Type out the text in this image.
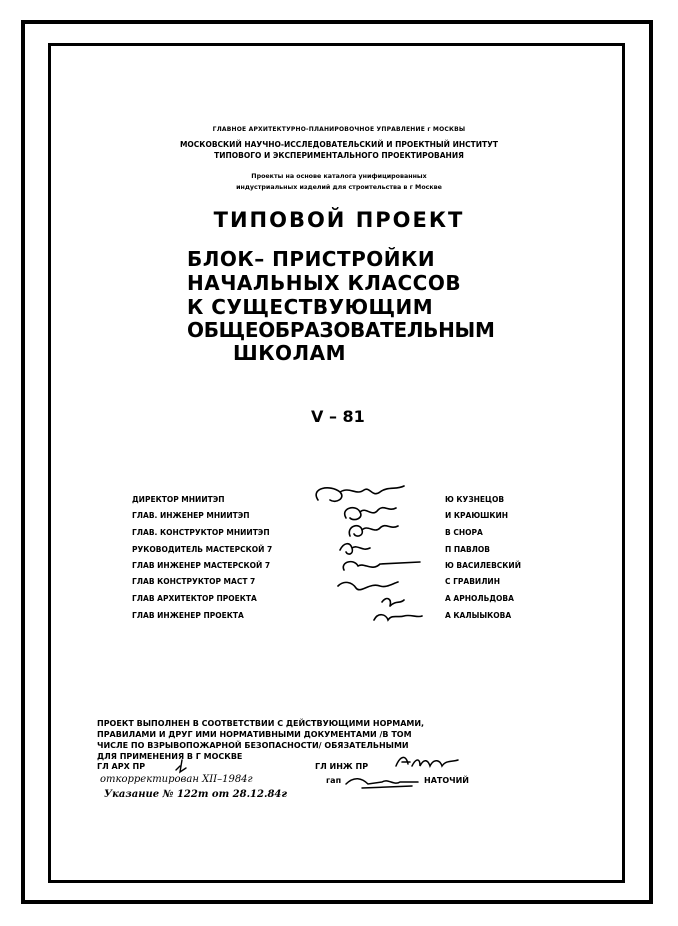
ГЛАВНОЕ АРХИТЕКТУРНО-ПЛАНИРОВОЧНОЕ УПРАВЛЕНИЕ г МОСКВЫ
МОСКОВСКИЙ НАУЧНО-ИССЛЕДОВАТЕЛЬСКИЙ И ПРОЕКТНЫЙ ИНСТИТУТ
ТИПОВОГО И ЭКСПЕРИМЕНТАЛЬНОГО ПРОЕКТИРОВАНИЯ
Проекты на основе каталога унифицированных
индустриальных изделий для строительства в г Москве
ТИПОВОЙ ПРОЕКТ
БЛОК– ПРИСТРОЙКИ
НАЧАЛЬНЫХ КЛАССОВ
К СУЩЕСТВУЮЩИМ
ОБЩЕОБРАЗОВАТЕЛЬНЫМ
ШКОЛАМ
V – 81
ДИРЕКТОР МНИИТЭП	Ю КУЗНЕЦОВ
ГЛАВ. ИНЖЕНЕР МНИИТЭП	И КРАЮШКИН
ГЛАВ. КОНСТРУКТОР МНИИТЭП	В СНОРА
РУКОВОДИТЕЛЬ МАСТЕРСКОЙ 7	П ПАВЛОВ
ГЛАВ ИНЖЕНЕР МАСТЕРСКОЙ 7	Ю ВАСИЛЕВСКИЙ
ГЛАВ КОНСТРУКТОР МАСТ 7	С ГРАВИЛИН
ГЛАВ АРХИТЕКТОР ПРОЕКТА	А АРНОЛЬДОВА
ГЛАВ ИНЖЕНЕР ПРОЕКТА	А КАЛЫЫКОВА
ПРОЕКТ ВЫПОЛНЕН В СООТВЕТСТВИИ С ДЕЙСТВУЮЩИМИ НОРМАМИ,
ПРАВИЛАМИ И ДРУГ ИМИ НОРМАТИВНЫМИ ДОКУМЕНТАМИ /В ТОМ
ЧИСЛЕ ПО ВЗРЫВОПОЖАРНОЙ БЕЗОПАСНОСТИ/ ОБЯЗАТЕЛЬНЫМИ
ДЛЯ ПРИМЕНЕНИЯ В Г МОСКВЕ
ГЛ АРХ ПР	ГЛ ИНЖ ПР
откорректирован ХII–1984г	гап	НАТОЧИЙ
Указание № 122т от 28.12.84г
